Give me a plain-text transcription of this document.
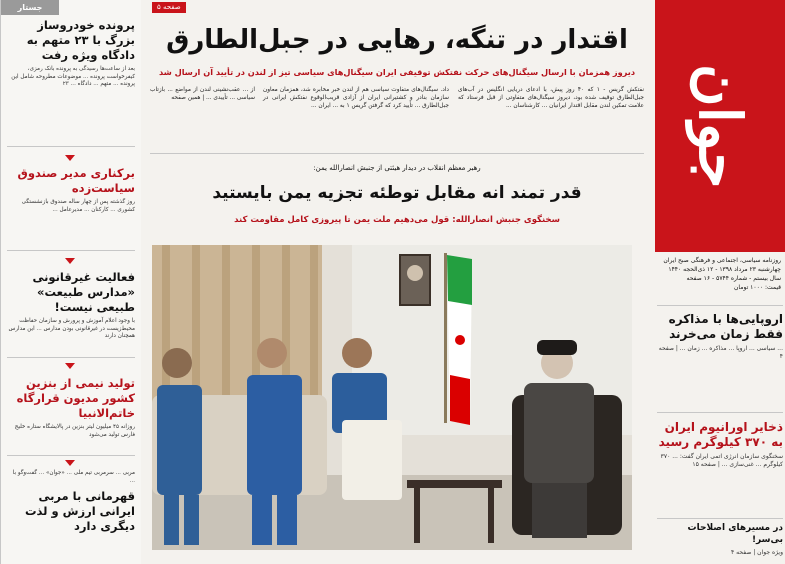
جوان
روزنامه سیاسی، اجتماعی و فرهنگی صبح ایران
چهارشنبه ۲۳ مرداد ۱۳۹۸ - ۱۲ ذی‌الحجه ۱۴۴۰
سال بیستم - شماره ۵۷۴۴ - ۱۶ صفحه
قیمت: ۱۰۰۰ تومان
اروپایی‌ها با مذاکره فقط زمان می‌خرند
... سیاسی ... اروپا ... مذاکره ... زمان ... | صفحه ۴
ذخایر اورانیوم ایران به ۳۷۰ کیلوگرم رسید
سخنگوی سازمان انرژی اتمی ایران گفت: ... ۳۷۰ کیلوگرم ... غنی‌سازی ... | صفحه ۱۵
در مسیرهای اصلاحات بی‌سر!
ویژه جوان | صفحه ۴
جستار
پرونده خودروساز بزرگ با ۲۳ متهم به دادگاه ویژه رفت
بعد از ساعت‌ها رسیدگی به پرونده بانک رمزی، کیفرخواست پرونده ... موضوعات مطروحه شامل این پرونده ... متهم ... دادگاه ... ۲۳
برکناری مدیر صندوق سیاست‌زده
روز گذشته پس از چهار ساله صندوق بازنشستگی کشوری ... کارکنان ... مدیرعامل ...
فعالیت غیرقانونی «مدارس طبیعت» طبیعی نیست!
با وجود اعلام آموزش و پرورش و سازمان حفاظت محیط‌زیست در غیرقانونی بودن مدارس ... این مدارس همچنان دارند
تولید نیمی از بنزین کشور مدیون قرارگاه خاتم‌الانبیا
روزانه ۴۵ میلیون لیتر بنزین در پالایشگاه ستاره خلیج فارس تولید می‌شود
مربی ... سرمربی تیم ملی ... «جوان» ... گفت‌وگو با ...
قهرمانی با مربی ایرانی ارزش و لذت دیگری دارد
صفحه ۵
اقتدار در تنگه، رهایی در جبل‌الطارق
دیروز همزمان با ارسال سیگنال‌های حرکت نفتکش توقیفی ایران سیگنال‌های سیاسی تیز از لندن در تأیید آن ارسال شد
نفتکش گریس - ۱ که ۴۰ روز پیش، با ادعای دریایی انگلیس در آب‌های جبل‌الطارق توقیف شده بود، دیروز سیگنال‌های متفاوتی از قبل فرستاد که علامت تمکین لندن مقابل اقتدار ایرانیان ... کارشناسان ...
داد. سیگنال‌های متفاوت سیاسی هم از لندن خبر مخابره شد، همزمان معاون سازمان بنادر و کشتیرانی ایران از آزادی قریب‌الوقوع نفتکش ایرانی در جبل‌الطارق ... تأیید کرد که گرفتن گریس ۱ به ... ایران ...
از ... عقب‌نشینی لندن از مواضع ... بازتاب سیاسی ... تأییدی ... | همین صفحه
رهبر معظم انقلاب در دیدار هیئتی از جنبش انصارالله یمن:
قدر تمند انه مقابل توطئه تجزیه یمن بایستید
سخنگوی جنبش انصارالله: قول می‌دهیم ملت یمن تا پیروزی کامل مقاومت کند
